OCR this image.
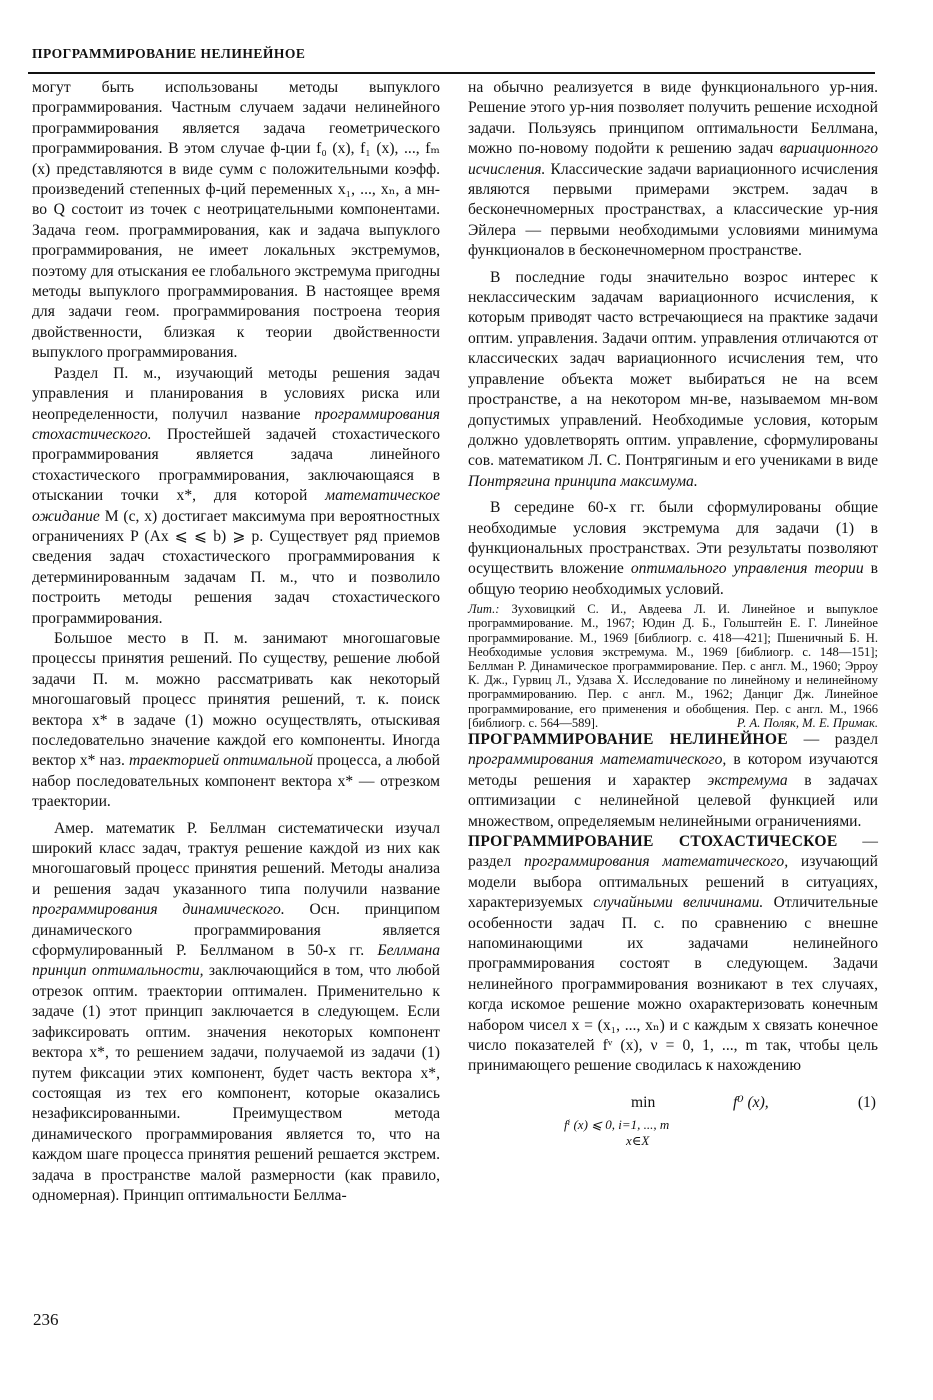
ПРОГРАММИРОВАНИЕ НЕЛИНЕЙНОЕ

могут быть использованы методы выпуклого программирования. Частным случаем задачи нелинейного программирования является задача геометрического программирования. В этом случае ф-ции f₀ (x), f₁ (x), ..., fₘ (x) представляются в виде сумм с положительными коэфф. произведений степенных ф-ций переменных x₁, ..., xₙ, а мн-во Q состоит из точек с неотрицательными компонентами. Задача геом. программирования, как и задача выпуклого программирования, не имеет локальных экстремумов, поэтому для отыскания ее глобального экстремума пригодны методы выпуклого программирования. В настоящее время для задачи геом. программирования построена теория двойственности, близкая к теории двойственности выпуклого программирования.

Раздел П. м., изучающий методы решения задач управления и планирования в условиях риска или неопределенности, получил название программирования стохастического. Простейшей задачей стохастического программирования является задача линейного стохастического программирования, заключающаяся в отыскании точки x*, для которой математическое ожидание M (c, x) достигает максимума при вероятностных ограничениях P (Ax ⩽ ⩽ b) ⩾ p. Существует ряд приемов сведения задач стохастического программирования к детерминированным задачам П. м., что и позволило построить методы решения задач стохастического программирования.

Большое место в П. м. занимают многошаговые процессы принятия решений. По существу, решение любой задачи П. м. можно рассматривать как некоторый многошаговый процесс принятия решений, т. к. поиск вектора x* в задаче (1) можно осуществлять, отыскивая последовательно значение каждой его компоненты. Иногда вектор x* наз. траекторией оптимальной процесса, а любой набор последовательных компонент вектора x* — отрезком траектории.

Амер. математик Р. Беллман систематически изучал широкий класс задач, трактуя решение каждой из них как многошаговый процесс принятия решений. Методы анализа и решения задач указанного типа получили название программирования динамического. Осн. принципом динамического программирования является сформулированный Р. Беллманом в 50-х гг. Беллмана принцип оптимальности, заключающийся в том, что любой отрезок оптим. траектории оптимален. Применительно к задаче (1) этот принцип заключается в следующем. Если зафиксировать оптим. значения некоторых компонент вектора x*, то решением задачи, получаемой из задачи (1) путем фиксации этих компонент, будет часть вектора x*, состоящая из тех его компонент, которые оказались незафиксированными. Преимуществом метода динамического программирования является то, что на каждом шаге процесса принятия решений решается экстрем. задача в пространстве малой размерности (как правило, одномерная). Принцип оптимальности Беллма-

на обычно реализуется в виде функционального ур-ния. Решение этого ур-ния позволяет получить решение исходной задачи. Пользуясь принципом оптимальности Беллмана, можно по-новому подойти к решению задач вариационного исчисления. Классические задачи вариационного исчисления являются первыми примерами экстрем. задач в бесконечномерных пространствах, а классические ур-ния Эйлера — первыми необходимыми условиями минимума функционалов в бесконечномерном пространстве.

В последние годы значительно возрос интерес к неклассическим задачам вариационного исчисления, к которым приводят часто встречающиеся на практике задачи оптим. управления. Задачи оптим. управления отличаются от классических задач вариационного исчисления тем, что управление объекта может выбираться не на всем пространстве, а на некотором мн-ве, называемом мн-вом допустимых управлений. Необходимые условия, которым должно удовлетворять оптим. управление, сформулированы сов. математиком Л. С. Понтрягиным и его учениками в виде Понтрягина принципа максимума.

В середине 60-х гг. были сформулированы общие необходимые условия экстремума для задачи (1) в функциональных пространствах. Эти результаты позволяют осуществить вложение оптимального управления теории в общую теорию необходимых условий.

Лит.: Зуховицкий С. И., Авдеева Л. И. Линейное и выпуклое программирование. М., 1967; Юдин Д. Б., Гольштейн Е. Г. Линейное программирование. М., 1969 [библиогр. с. 418—421]; Пшеничный Б. Н. Необходимые условия экстремума. М., 1969 [библиогр. с. 148—151]; Беллман Р. Динамическое программирование. Пер. с англ. М., 1960; Эрроу К. Дж., Гурвиц Л., Удзава Х. Исследование по линейному и нелинейному программированию. Пер. с англ. М., 1962; Данциг Дж. Линейное программирование, его применения и обобщения. Пер. с англ. М., 1966 [библиогр. с. 564—589].	Р. А. Поляк, М. Е. Примак.

ПРОГРАММИРОВАНИЕ НЕЛИНЕЙНОЕ — раздел программирования математического, в котором изучаются методы решения и характер экстремума в задачах оптимизации с нелинейной целевой функцией или множеством, определяемым нелинейными ограничениями.

ПРОГРАММИРОВАНИЕ СТОХАСТИЧЕСКОЕ — раздел программирования математического, изучающий модели выбора оптимальных решений в ситуациях, характеризуемых случайными величинами. Отличительные особенности задач П. с. по сравнению с внешне напоминающими их задачами нелинейного программирования состоят в следующем. Задачи нелинейного программирования возникают в тех случаях, когда искомое решение можно охарактеризовать конечным набором чисел x = (x₁, ..., xₙ) и с каждым x связать конечное число показателей fᵛ (x), ν = 0, 1, ..., m так, чтобы цель принимающего решение сводилась к нахождению

min	f⁰ (x),	(1)
fⁱ (x) ⩽ 0, i=1, ..., m
x∈X
236
